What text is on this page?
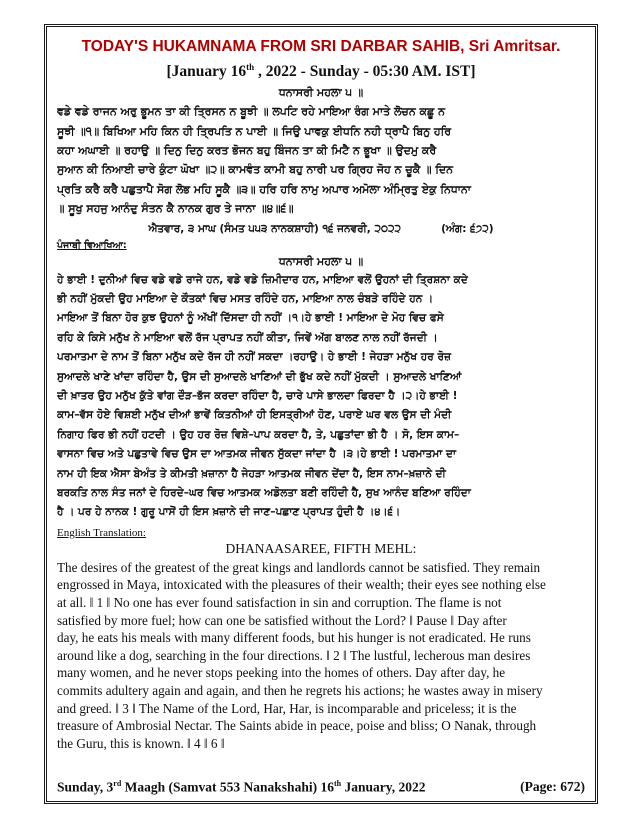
TODAY'S HUKAMNAMA FROM SRI DARBAR SAHIB, Sri Amritsar.
[January 16th , 2022 - Sunday - 05:30 AM. IST]
ਧਨਾਸਰੀ ਮਹਲਾ ੫ ॥
ਵਡੇ ਵਡੇ ਰਾਜਨ ਅਰੁ ਭੂਮਨ ਤਾ ਕੀ ਤ੍ਰਿਸਨ ਨ ਬੂਝੀ ॥ ਲਪਟਿ ਰਹੇ ਮਾਇਆ ਰੰਗ ਮਾਤੇ ਲੋਚਨ ਕਛੂ ਨ
ਸੂਝੀ ॥੧॥ ਬਿਖਿਆ ਮਹਿ ਕਿਨ ਹੀ ਤ੍ਰਿਪਤਿ ਨ ਪਾਈ ॥ ਜਿਉ ਪਾਵਕੁ ਈਧਨਿ ਨਹੀ ਧ੍ਰਾਪੈ ਬਿਨੁ ਹਰਿ
ਕਹਾ ਅਘਾਈ ॥ ਰਹਾਉ ॥ ਦਿਨੁ ਦਿਨੁ ਕਰਤ ਭੋਜਨ ਬਹੁ ਬਿੰਜਨ ਤਾ ਕੀ ਮਿਟੈ ਨ ਭੂਖਾ ॥ ਉਦਮੁ ਕਰੈ
ਸੁਆਨ ਕੀ ਨਿਆਈ ਚਾਰੇ ਕੁੰਟਾ ਘੋਖਾ ॥੨॥ ਕਾਮਵੰਤ ਕਾਮੀ ਬਹੁ ਨਾਰੀ ਪਰ ਗ੍ਰਿਹ ਜੋਹ ਨ ਚੂਕੈ ॥ ਦਿਨ
ਪ੍ਰਤਿ ਕਰੈ ਕਰੈ ਪਛੁਤਾਪੈ ਸੋਗ ਲੋਭ ਮਹਿ ਸੂਕੈ ॥੩॥ ਹਰਿ ਹਰਿ ਨਾਮੁ ਅਪਾਰ ਅਮੋਲਾ ਅੰਮ੍ਰਿਤੁ ਏਕੁ ਨਿਧਾਨਾ
॥ ਸੂਖੁ ਸਹਜੁ ਆਨੰਦੁ ਸੰਤਨ ਕੈ ਨਾਨਕ ਗੁਰ ਤੇ ਜਾਨਾ ॥੪॥੬॥
ਐਤਵਾਰ, ੩ ਮਾਘ (ਸੰਮਤ ੫੫੩ ਨਾਨਕਸ਼ਾਹੀ) ੧੬ ਜਨਵਰੀ, ੨੦੨੨	(ਅੰਗ: ੬੭੨)
ਪੰਜਾਬੀ ਵਿਆਖਿਆ:
ਧਨਾਸਰੀ ਮਹਲਾ ੫ ॥
ਹੇ ਭਾਈ ! ਦੁਨੀਆਂ ਵਿਚ ਵਡੇ ਵਡੇ ਰਾਜੇ ਹਨ, ਵਡੇ ਵਡੇ ਜ਼ਿਮੀਦਾਰ ਹਨ, ਮਾਇਆ ਵਲੋਂ ਉਹਨਾਂ ਦੀ ਤ੍ਰਿਸ਼ਨਾ ਕਦੇ
ਭੀ ਨਹੀਂ ਮੁੱਕਦੀ ਉਹ ਮਾਇਆ ਦੇ ਕੌਤਕਾਂ ਵਿਚ ਮਸਤ ਰਹਿੰਦੇ ਹਨ, ਮਾਇਆ ਨਾਲ ਚੰਬੜੇ ਰਹਿੰਦੇ ਹਨ ।
ਮਾਇਆ ਤੋਂ ਬਿਨਾ ਹੋਰ ਕੁਝ ਉਹਨਾਂ ਨੂੰ ਅੱਖੀਂ ਦਿੱਸਦਾ ਹੀ ਨਹੀਂ ।੧।ਹੇ ਭਾਈ ! ਮਾਇਆ ਦੇ ਮੋਹ ਵਿਚ ਫਸੇ
ਰਹਿ ਕੇ ਕਿਸੇ ਮਨੁੱਖ ਨੇ ਮਾਇਆ ਵਲੋਂ ਰੱਜ ਪ੍ਰਾਪਤ ਨਹੀਂ ਕੀਤਾ, ਜਿਵੇਂ ਅੱਗ ਬਾਲਣ ਨਾਲ ਨਹੀਂ ਰੱਜਦੀ ।
ਪਰਮਾਤਮਾ ਦੇ ਨਾਮ ਤੋਂ ਬਿਨਾ ਮਨੁੱਖ ਕਦੇ ਰੱਜ ਹੀ ਨਹੀਂ ਸਕਦਾ ।ਰਹਾਉ। ਹੇ ਭਾਈ ! ਜੇਹੜਾ ਮਨੁੱਖ ਹਰ ਰੋਜ਼
ਸੁਆਦਲੇ ਖਾਣੇ ਖਾਂਦਾ ਰਹਿੰਦਾ ਹੈ, ਉਸ ਦੀ ਸੁਆਦਲੇ ਖਾਣਿਆਂ ਦੀ ਭੁੱਖ ਕਦੇ ਨਹੀਂ ਮੁੱਕਦੀ । ਸੁਆਦਲੇ ਖਾਣਿਆਂ
ਦੀ ਖ਼ਾਤਰ ਉਹ ਮਨੁੱਖ ਕੁੱਤੇ ਵਾਂਗ ਦੌੜ–ਭੱਜ ਕਰਦਾ ਰਹਿੰਦਾ ਹੈ, ਚਾਰੇ ਪਾਸੇ ਭਾਲਦਾ ਫਿਰਦਾ ਹੈ ।੨।ਹੇ ਭਾਈ !
ਕਾਮ–ਵੱਸ ਹੋਏ ਵਿਸ਼ਈ ਮਨੁੱਖ ਦੀਆਂ ਭਾਵੇਂ ਕਿਤਨੀਆਂ ਹੀ ਇਸਤ੍ਰੀਆਂ ਹੋਣ, ਪਰਾਏ ਘਰ ਵਲ ਉਸ ਦੀ ਮੰਦੀ
ਨਿਗਾਹ ਫਿਰ ਭੀ ਨਹੀਂ ਹਟਦੀ । ਉਹ ਹਰ ਰੋਜ਼ ਵਿਸ਼ੇ–ਪਾਪ ਕਰਦਾ ਹੈ, ਤੇ, ਪਛੁਤਾਂਦਾ ਭੀ ਹੈ । ਸੋ, ਇਸ ਕਾਮ–
ਵਾਸਨਾ ਵਿਚ ਅਤੇ ਪਛੁਤਾਵੇ ਵਿਚ ਉਸ ਦਾ ਆਤਮਕ ਜੀਵਨ ਸੁੱਕਦਾ ਜਾਂਦਾ ਹੈ ।੩।ਹੇ ਭਾਈ ! ਪਰਮਾਤਮਾ ਦਾ
ਨਾਮ ਹੀ ਇਕ ਐਸਾ ਬੇਅੰਤ ਤੇ ਕੀਮਤੀ ਖ਼ਜ਼ਾਨਾ ਹੈ ਜੇਹੜਾ ਆਤਮਕ ਜੀਵਨ ਦੇਂਦਾ ਹੈ, ਇਸ ਨਾਮ–ਖ਼ਜ਼ਾਨੇ ਦੀ
ਬਰਕਤਿ ਨਾਲ ਸੰਤ ਜਨਾਂ ਦੇ ਹਿਰਦੇ–ਘਰ ਵਿਚ ਆਤਮਕ ਅਡੋਲਤਾ ਬਣੀ ਰਹਿੰਦੀ ਹੈ, ਸੁਖ ਆਨੰਦ ਬਣਿਆ ਰਹਿੰਦਾ
ਹੈ । ਪਰ ਹੇ ਨਾਨਕ ! ਗੁਰੂ ਪਾਸੋਂ ਹੀ ਇਸ ਖ਼ਜ਼ਾਨੇ ਦੀ ਜਾਣ–ਪਛਾਣ ਪ੍ਰਾਪਤ ਹੁੰਦੀ ਹੈ ।੪।੬।
English Translation:
DHANAASAREE, FIFTH MEHL:
The desires of the greatest of the great kings and landlords cannot be satisfied. They remain
engrossed in Maya, intoxicated with the pleasures of their wealth; their eyes see nothing else
at all. ‖ 1 ‖ No one has ever found satisfaction in sin and corruption. The flame is not
satisfied by more fuel; how can one be satisfied without the Lord? ‖ Pause ‖ Day after
day, he eats his meals with many different foods, but his hunger is not eradicated. He runs
around like a dog, searching in the four directions. ‖ 2 ‖ The lustful, lecherous man desires
many women, and he never stops peeking into the homes of others. Day after day, he
commits adultery again and again, and then he regrets his actions; he wastes away in misery
and greed. ‖ 3 ‖ The Name of the Lord, Har, Har, is incomparable and priceless; it is the
treasure of Ambrosial Nectar. The Saints abide in peace, poise and bliss; O Nanak, through
the Guru, this is known. ‖ 4 ‖ 6 ‖
Sunday, 3rd Maagh (Samvat 553 Nanakshahi) 16th January, 2022	(Page: 672)
